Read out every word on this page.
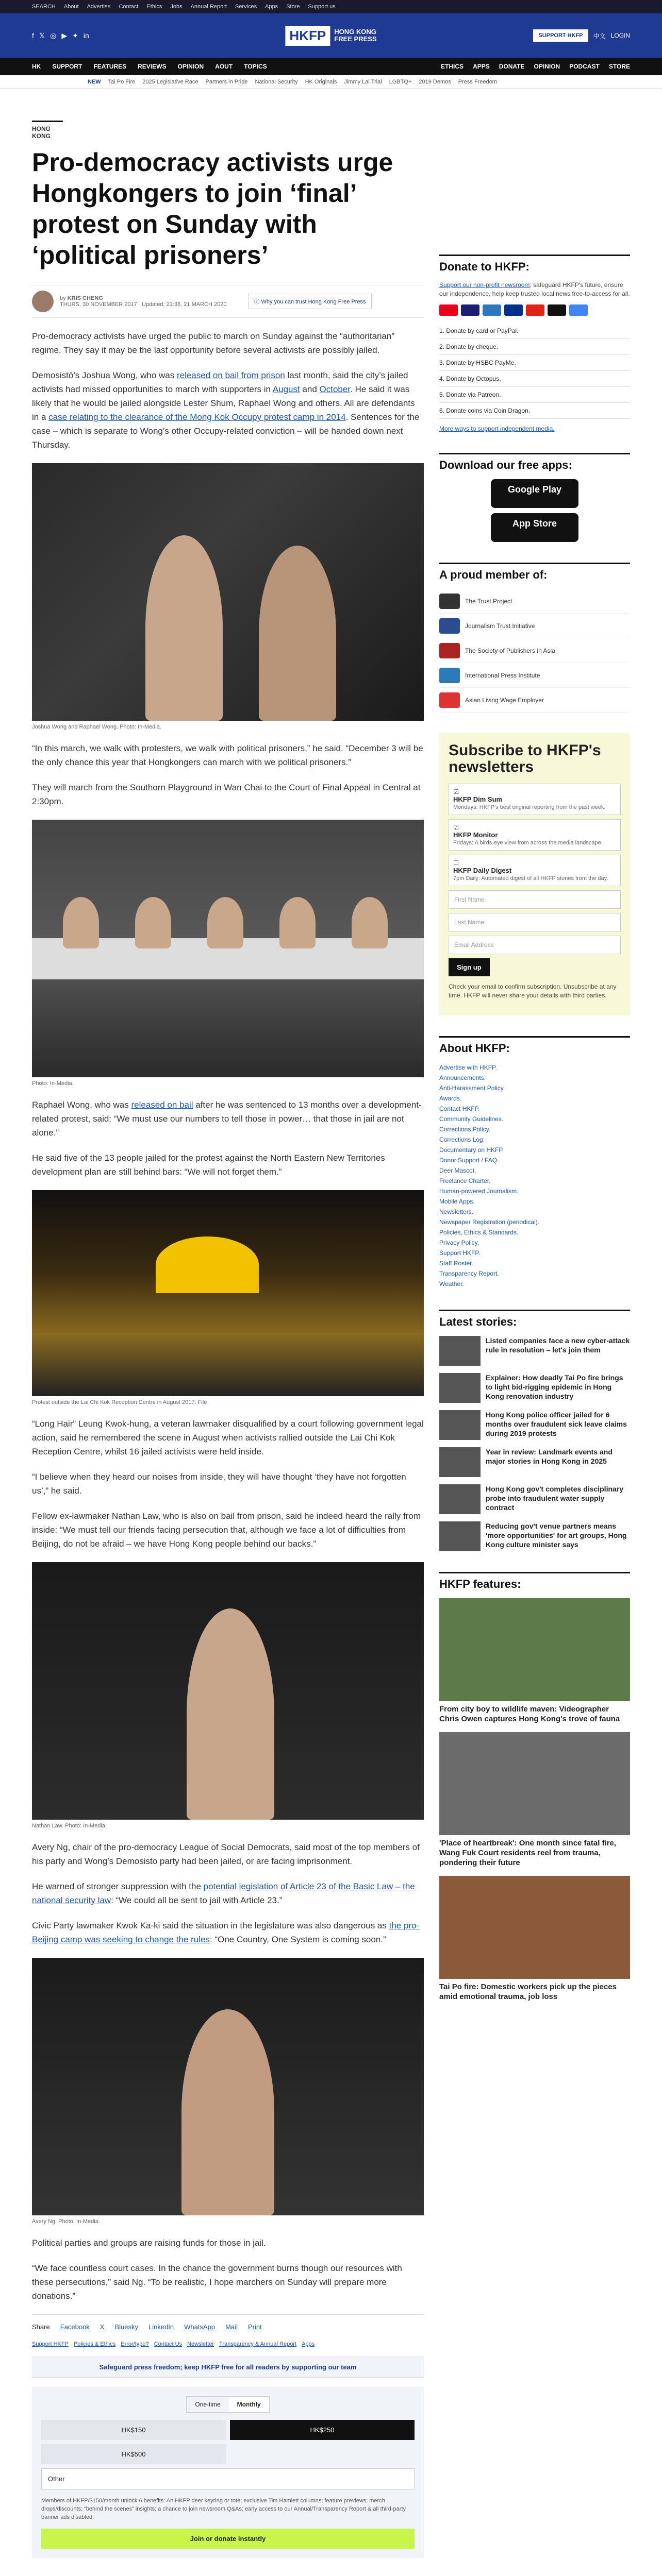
SEARCH About Advertise Contact Ethics Jobs Annual Report Services Apps Store Support us
f 𝕏 ◎ ▶ ✦ in	HKFP	HONG KONG
FREE PRESS	SUPPORT HKFP	中文 LOGIN
HK SUPPORT FEATURES REVIEWS OPINION AOUT TOPICS	ETHICS APPS DONATE OPINION PODCAST STORE
NEW Tai Po Fire 2025 Legislative Race Partners in Pride National Security HK Originals Jimmy Lai Trial LGBTQ+ 2019 Demos Press Freedom
HONG KONG
Pro-democracy activists urge Hongkongers to join ‘final’ protest on Sunday with ‘political prisoners’
by KRIS CHENG
THURS, 30 NOVEMBER 2017 Updated: 21:36, 21 MARCH 2020	ⓘ Why you can trust Hong Kong Free Press

Pro-democracy activists have urged the public to march on Sunday against the “authoritarian” regime. They say it may be the last opportunity before several activists are possibly jailed.

Demosistō’s Joshua Wong, who was released on bail from prison last month, said the city’s jailed activists had missed opportunities to march with supporters in August and October. He said it was likely that he would be jailed alongside Lester Shum, Raphael Wong and others. All are defendants in a case relating to the clearance of the Mong Kok Occupy protest camp in 2014. Sentences for the case – which is separate to Wong’s other Occupy-related conviction – will be handed down next Thursday.

Joshua Wong and Raphael Wong. Photo: In-Media.

“In this march, we walk with protesters, we walk with political prisoners,” he said. “December 3 will be the only chance this year that Hongkongers can march with we political prisoners.”

They will march from the Southorn Playground in Wan Chai to the Court of Final Appeal in Central at 2:30pm.

Photo: In-Media.

Raphael Wong, who was released on bail after he was sentenced to 13 months over a development-related protest, said: “We must use our numbers to tell those in power… that those in jail are not alone.”

He said five of the 13 people jailed for the protest against the North Eastern New Territories development plan are still behind bars: “We will not forget them.”

Protest outside the Lai Chi Kok Reception Centre in August 2017. File

“Long Hair” Leung Kwok-hung, a veteran lawmaker disqualified by a court following government legal action, said he remembered the scene in August when activists rallied outside the Lai Chi Kok Reception Centre, whilst 16 jailed activists were held inside.

“I believe when they heard our noises from inside, they will have thought ‘they have not forgotten us’,” he said.

Fellow ex-lawmaker Nathan Law, who is also on bail from prison, said he indeed heard the rally from inside: “We must tell our friends facing persecution that, although we face a lot of difficulties from Beijing, do not be afraid – we have Hong Kong people behind our backs.”

Nathan Law. Photo: In-Media.

Avery Ng, chair of the pro-democracy League of Social Democrats, said most of the top members of his party and Wong’s Demosisto party had been jailed, or are facing imprisonment.

He warned of stronger suppression with the potential legislation of Article 23 of the Basic Law – the national security law: “We could all be sent to jail with Article 23.”

Civic Party lawmaker Kwok Ka-ki said the situation in the legislature was also dangerous as the pro-Beijing camp was seeking to change the rules: “One Country, One System is coming soon.”

Avery Ng. Photo: In-Media.

Political parties and groups are raising funds for those in jail.

“We face countless court cases. In the chance the government burns though our resources with these persecutions,” said Ng. “To be realistic, I hope marchers on Sunday will prepare more donations.”

Share Facebook X Bluesky LinkedIn WhatsApp Mail Print
Support HKFP Policies & Ethics Error/typo? Contact Us Newsletter Transparency & Annual Report Apps
Safeguard press freedom; keep HKFP free for all readers by supporting our team
One-time	Monthly
HK$150	HK$250
HK$500
Other
Members of HKFP/$150/month unlock 6 benefits: An HKFP deer keyring or tote; exclusive Tim Hamlett columns; feature previews; merch drops/discounts; “behind the scenes” insights; a chance to join newsroom Q&As; early access to our Annual/Transparency Report & all third-party banner ads disabled.
Join or donate instantly
Donate to HKFP:
Support our non-profit newsroom; safeguard HKFP's future, ensure our independence, help keep trusted local news free-to-access for all.
1. Donate by card or PayPal.
2. Donate by cheque.
3. Donate by HSBC PayMe.
4. Donate by Octopus.
5. Donate via Patreon.
6. Donate coins via Coin Dragon.
More ways to support independent media.
Download our free apps:
Google Play
App Store
A proud member of:
The Trust Project
Journalism Trust Initiative
The Society of Publishers in Asia
International Press Institute
Asian Living Wage Employer
Subscribe to HKFP's newsletters
☑
HKFP Dim Sum
Mondays: HKFP's best original reporting from the past week.
☑
HKFP Monitor
Fridays: A birds-eye view from across the media landscape.
☐
HKFP Daily Digest
7pm Daily: Automated digest of all HKFP stories from the day.
First Name
Last Name
Email Address
Sign up
Check your email to confirm subscription. Unsubscribe at any time. HKFP will never share your details with third parties.
About HKFP:
Advertise with HKFP.
Announcements.
Anti-Harassment Policy.
Awards.
Contact HKFP.
Community Guidelines.
Corrections Policy.
Corrections Log.
Documentary on HKFP.
Donor Support / FAQ.
Deer Mascot.
Freelance Charter.
Human-powered Journalism.
Mobile Apps.
Newsletters.
Newspaper Registration (periodical).
Policies, Ethics & Standards.
Privacy Policy.
Support HKFP.
Staff Roster.
Transparency Report.
Weather.
Latest stories:
Listed companies face a new cyber-attack rule in resolution – let's join them
Explainer: How deadly Tai Po fire brings to light bid-rigging epidemic in Hong Kong renovation industry
Hong Kong police officer jailed for 6 months over fraudulent sick leave claims during 2019 protests
Year in review: Landmark events and major stories in Hong Kong in 2025
Hong Kong gov't completes disciplinary probe into fraudulent water supply contract
Reducing gov't venue partners means 'more opportunities' for art groups, Hong Kong culture minister says
HKFP features:
From city boy to wildlife maven: Videographer Chris Owen captures Hong Kong's trove of fauna
'Place of heartbreak': One month since fatal fire, Wang Fuk Court residents reel from trauma, pondering their future
Tai Po fire: Domestic workers pick up the pieces amid emotional trauma, job loss
